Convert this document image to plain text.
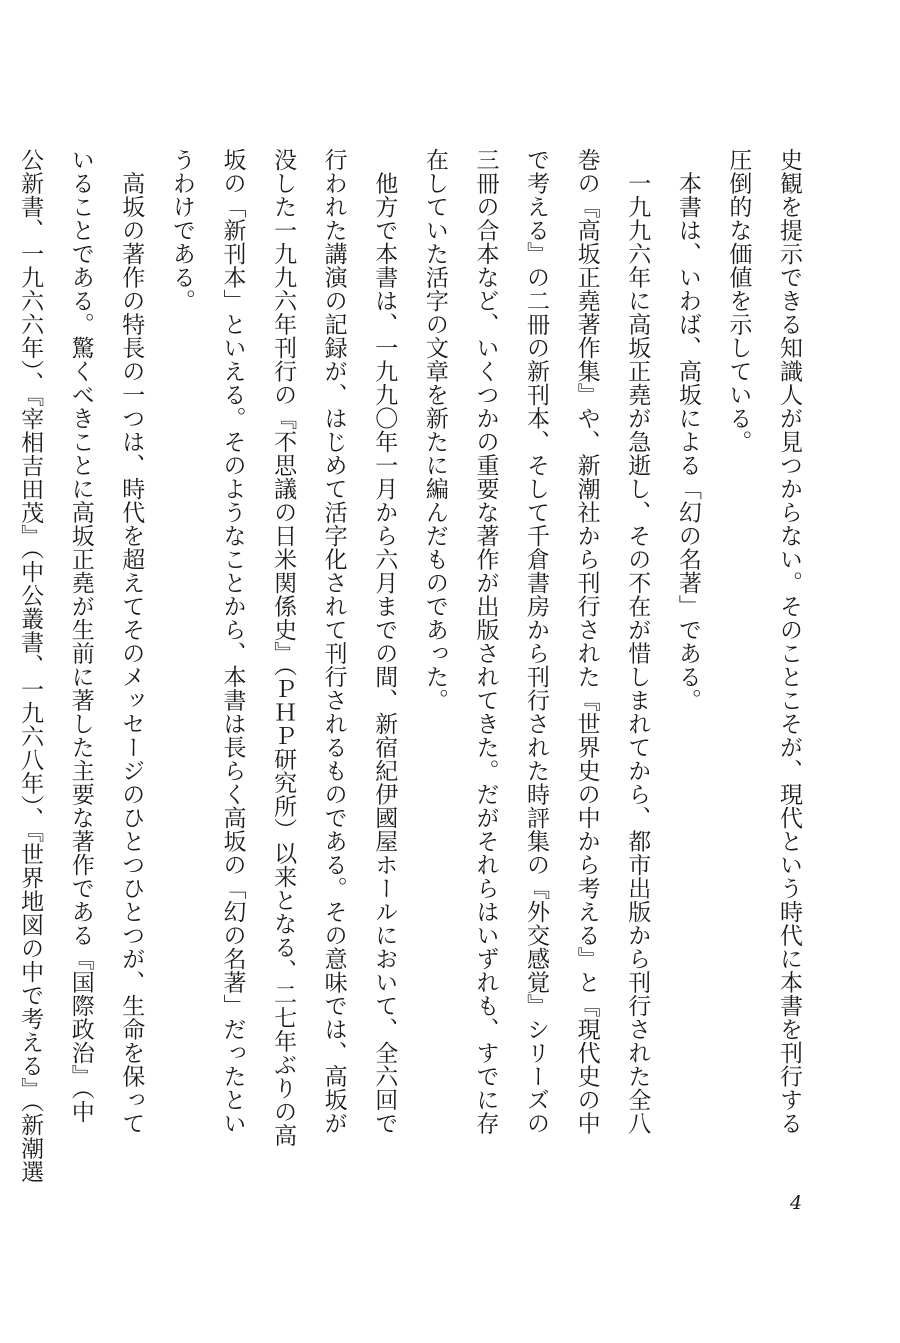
史観を提示できる知識人が見つからない。そのことこそが、現代という時代に本書を刊行する
圧倒的な価値を示している。
　本書は、いわば、高坂による「幻の名著」である。
　一九九六年に高坂正堯が急逝し、その不在が惜しまれてから、都市出版から刊行された全八
巻の『高坂正堯著作集』や、新潮社から刊行された『世界史の中から考える』と『現代史の中
で考える』の二冊の新刊本、そして千倉書房から刊行された時評集の『外交感覚』シリーズの
三冊の合本など、いくつかの重要な著作が出版されてきた。だがそれらはいずれも、すでに存
在していた活字の文章を新たに編んだものであった。
　他方で本書は、一九九〇年一月から六月までの間、新宿紀伊國屋ホールにおいて、全六回で
行われた講演の記録が、はじめて活字化されて刊行されるものである。その意味では、高坂が
没した一九九六年刊行の『不思議の日米関係史』（ＰＨＰ研究所）以来となる、二七年ぶりの高
坂の「新刊本」といえる。そのようなことから、本書は長らく高坂の「幻の名著」だったとい
うわけである。
　高坂の著作の特長の一つは、時代を超えてそのメッセージのひとつひとつが、生命を保って
いることである。驚くべきことに高坂正堯が生前に著した主要な著作である『国際政治』（中
公新書、一九六六年）、『宰相吉田茂』（中公叢書、一九六八年）、『世界地図の中で考える』（新潮選
4
